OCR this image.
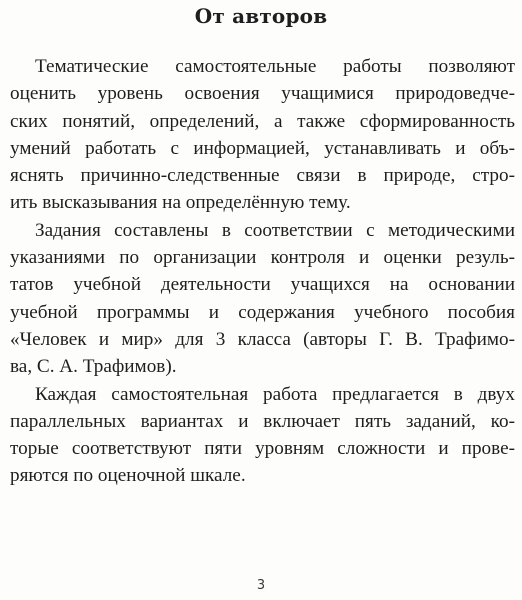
От авторов
Тематические самостоятельные работы позволяют
оценить уровень освоения учащимися природоведче-
ских понятий, определений, а также сформированность
умений работать с информацией, устанавливать и объ-
яснять причинно-следственные связи в природе, стро-
ить высказывания на определённую тему.
Задания составлены в соответствии с методическими
указаниями по организации контроля и оценки резуль-
татов учебной деятельности учащихся на основании
учебной программы и содержания учебного пособия
«Человек и мир» для 3 класса (авторы Г. В. Трафимо-
ва, С. А. Трафимов).
Каждая самостоятельная работа предлагается в двух
параллельных вариантах и включает пять заданий, ко-
торые соответствуют пяти уровням сложности и прове-
ряются по оценочной шкале.
3
